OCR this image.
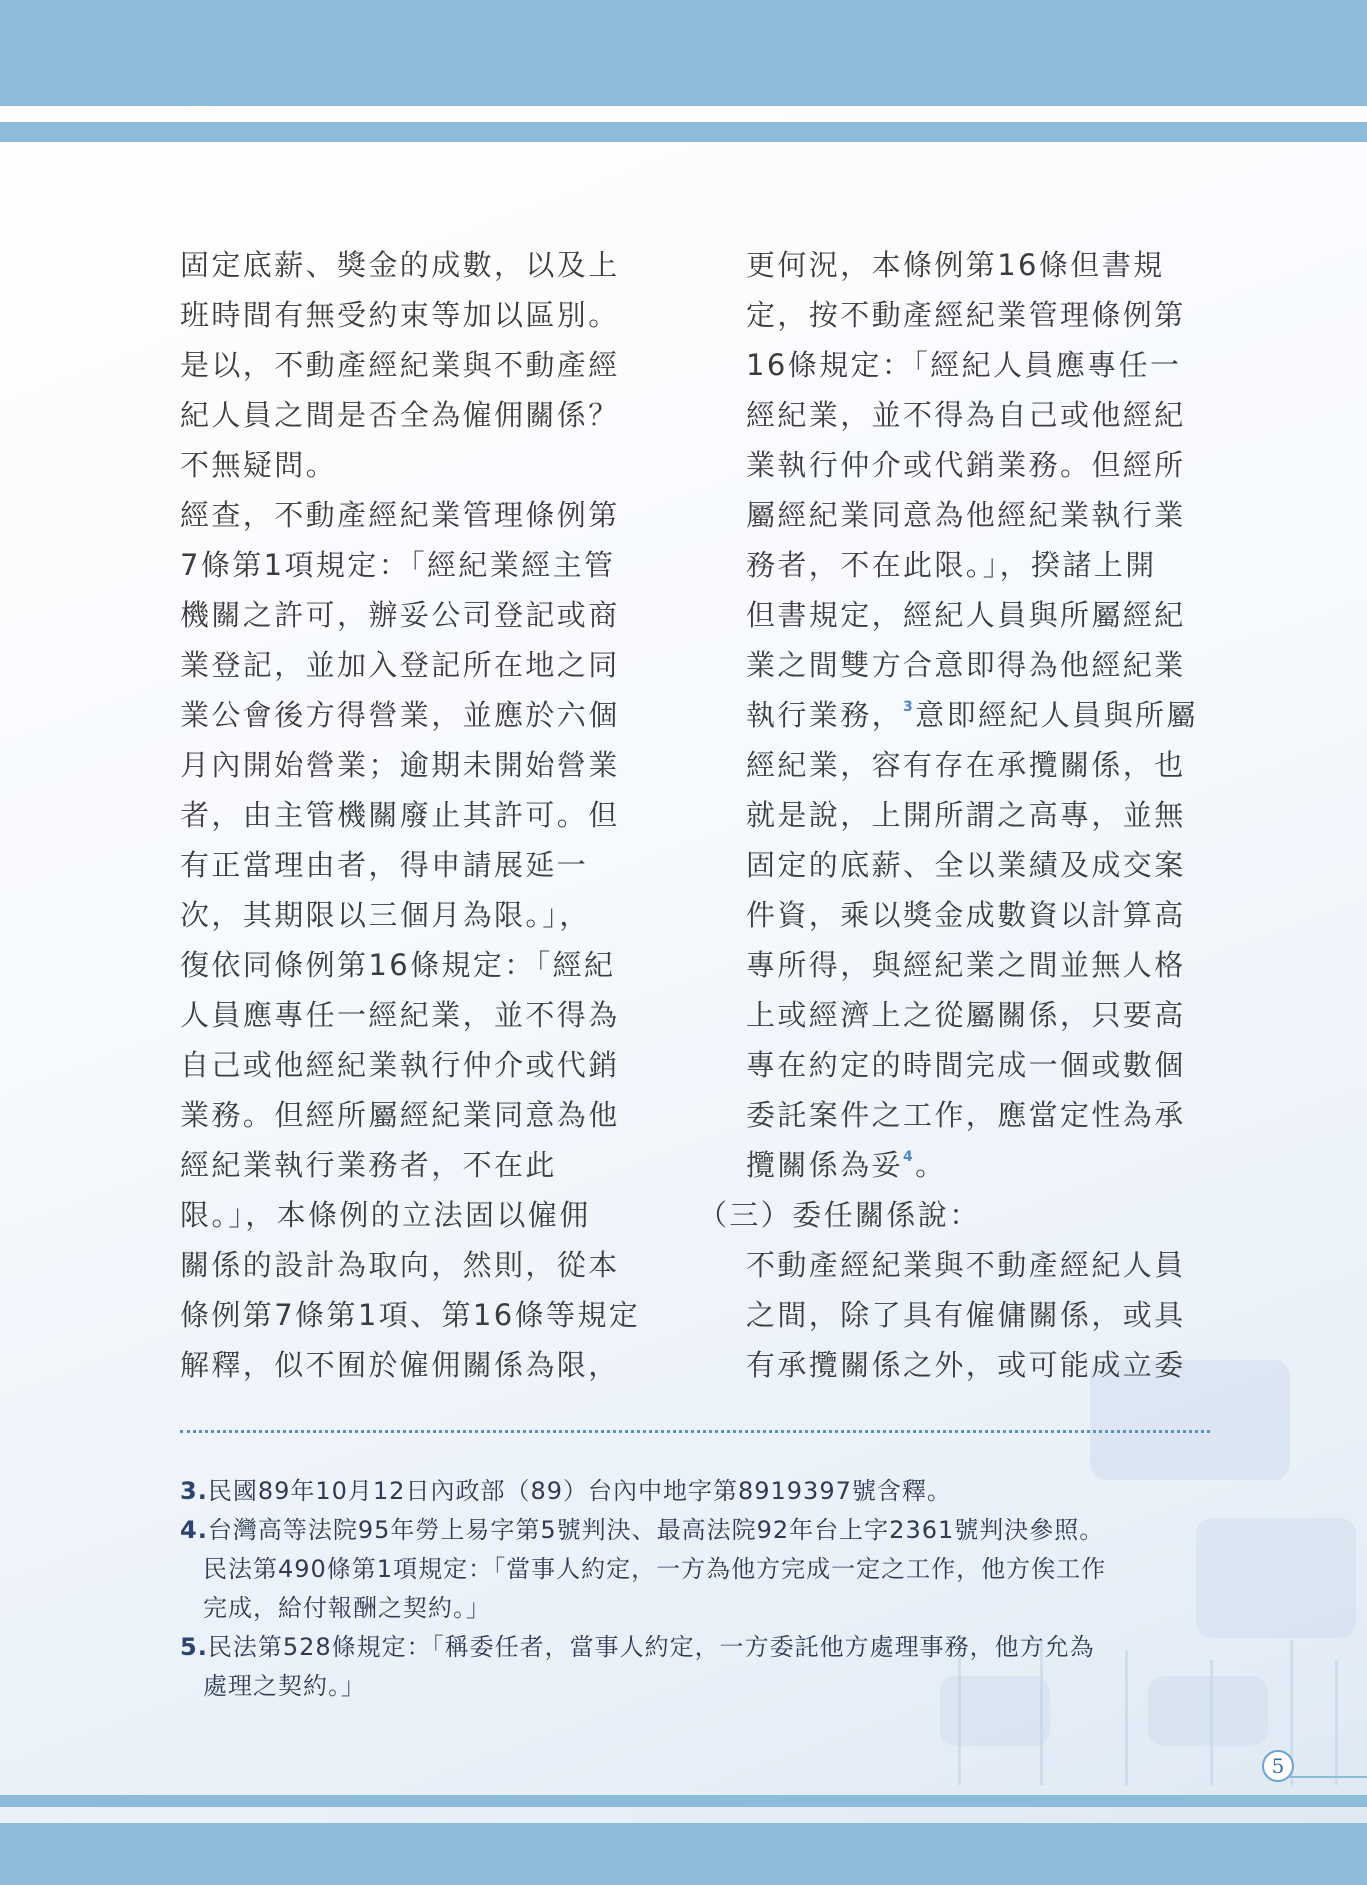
固定底薪、獎金的成數，以及上

班時間有無受約束等加以區別。

是以，不動產經紀業與不動產經

紀人員之間是否全為僱佣關係？

不無疑問。

經查，不動產經紀業管理條例第

7條第1項規定：「經紀業經主管

機關之許可，辦妥公司登記或商

業登記，並加入登記所在地之同

業公會後方得營業，並應於六個

月內開始營業；逾期未開始營業

者，由主管機關廢止其許可。但

有正當理由者，得申請展延一

次，其期限以三個月為限。」，

復依同條例第16條規定：「經紀

人員應專任一經紀業，並不得為

自己或他經紀業執行仲介或代銷

業務。但經所屬經紀業同意為他

經紀業執行業務者，不在此

限。」，本條例的立法固以僱佣

關係的設計為取向，然則，從本

條例第7條第1項、第16條等規定

解釋，似不囿於僱佣關係為限，

更何況，本條例第16條但書規

定，按不動產經紀業管理條例第

16條規定：「經紀人員應專任一

經紀業，並不得為自己或他經紀

業執行仲介或代銷業務。但經所

屬經紀業同意為他經紀業執行業

務者，不在此限。」，揆諸上開

但書規定，經紀人員與所屬經紀

業之間雙方合意即得為他經紀業

執行業務，$^3$意即經紀人員與所屬

經紀業，容有存在承攬關係，也

就是說，上開所謂之高專，並無

固定的底薪、全以業績及成交案

件資，乘以獎金成數資以計算高

專所得，與經紀業之間並無人格

上或經濟上之從屬關係，只要高

專在約定的時間完成一個或數個

委託案件之工作，應當定性為承

攬關係為妥$^4$。

（三）委任關係說：

不動產經紀業與不動產經紀人員

之間，除了具有僱傭關係，或具

有承攬關係之外，或可能成立委

3.民國89年10月12日內政部（89）台內中地字第8919397號含釋。

4.台灣高等法院95年勞上易字第5號判決、最高法院92年台上字2361號判決參照。

民法第490條第1項規定：「當事人約定，一方為他方完成一定之工作，他方俟工作

完成，給付報酬之契約。」

5.民法第528條規定：「稱委任者，當事人約定，一方委託他方處理事務，他方允為

處理之契約。」

5
